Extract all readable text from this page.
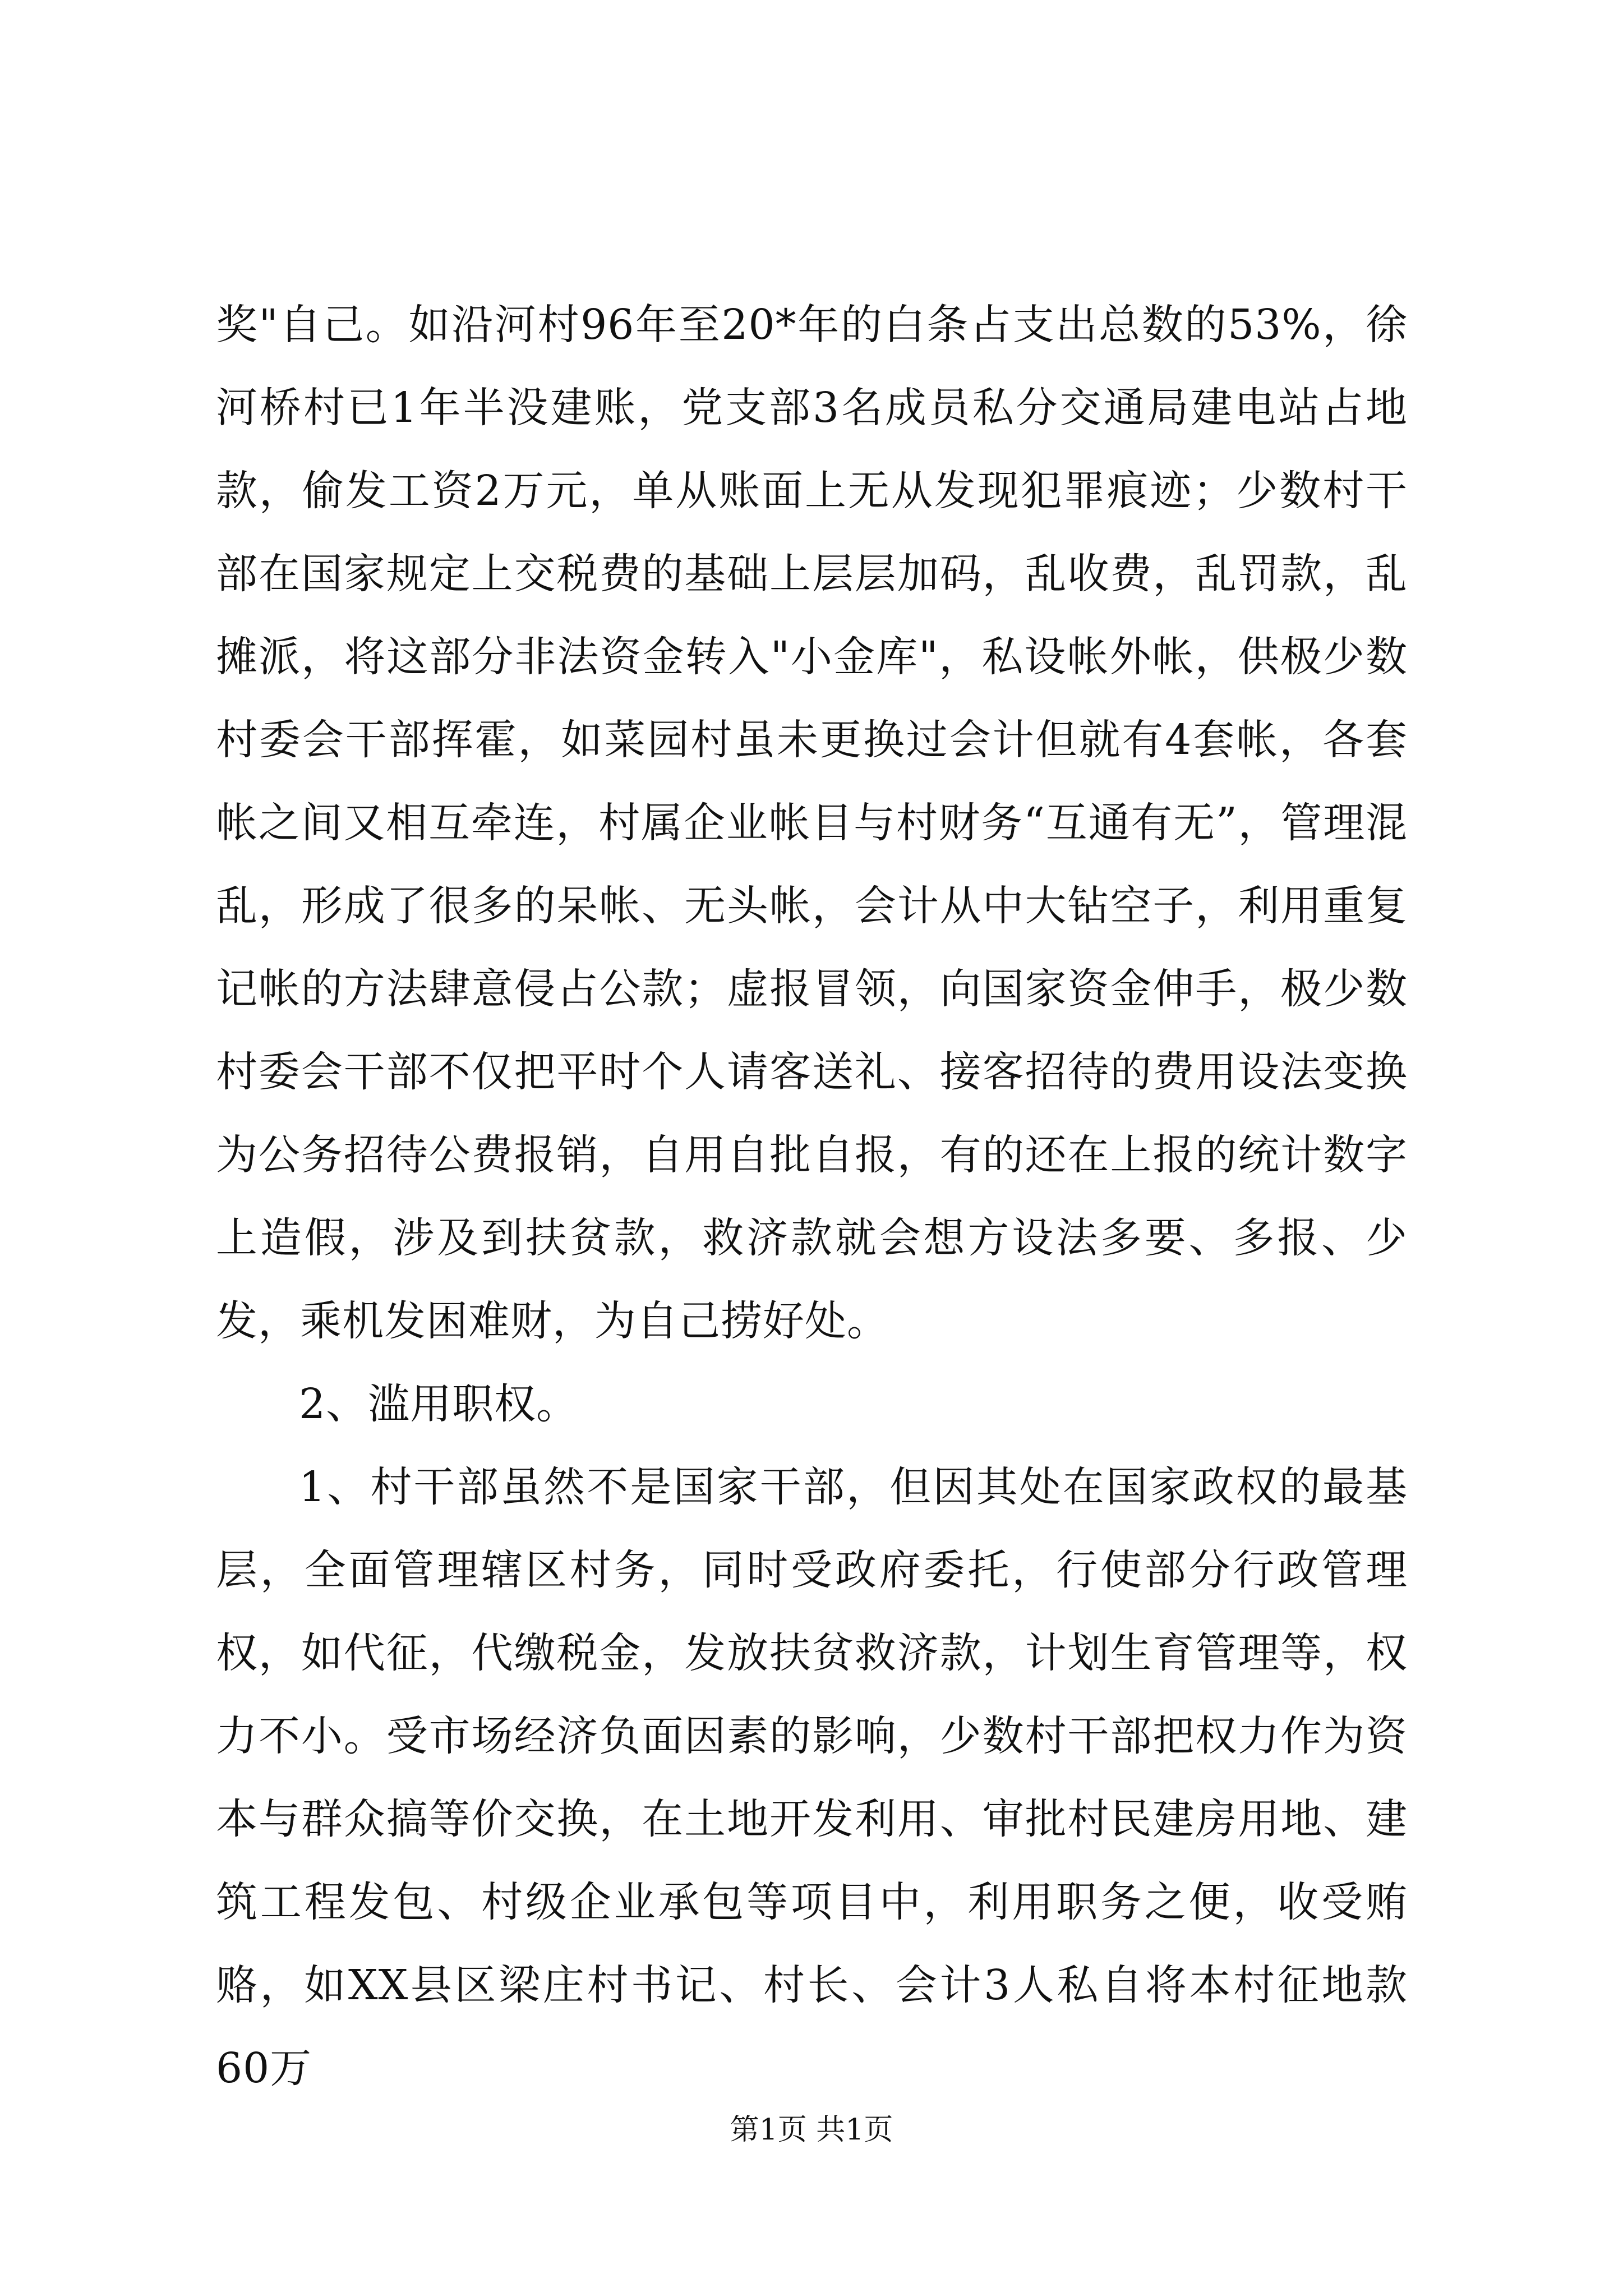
奖"自己。如沿河村96年至20*年的白条占支出总数的53%，徐河桥村已1年半没建账，党支部3名成员私分交通局建电站占地款，偷发工资2万元，单从账面上无从发现犯罪痕迹；少数村干部在国家规定上交税费的基础上层层加码，乱收费，乱罚款，乱摊派，将这部分非法资金转入"小金库"，私设帐外帐，供极少数村委会干部挥霍，如菜园村虽未更换过会计但就有4套帐，各套帐之间又相互牵连，村属企业帐目与村财务“互通有无”，管理混乱，形成了很多的呆帐、无头帐，会计从中大钻空子，利用重复记帐的方法肆意侵占公款；虚报冒领，向国家资金伸手，极少数村委会干部不仅把平时个人请客送礼、接客招待的费用设法变换为公务招待公费报销，自用自批自报，有的还在上报的统计数字上造假，涉及到扶贫款，救济款就会想方设法多要、多报、少发，乘机发困难财，为自己捞好处。

2、滥用职权。

1、村干部虽然不是国家干部，但因其处在国家政权的最基层，全面管理辖区村务，同时受政府委托，行使部分行政管理权，如代征，代缴税金，发放扶贫救济款，计划生育管理等，权力不小。受市场经济负面因素的影响，少数村干部把权力作为资本与群众搞等价交换，在土地开发利用、审批村民建房用地、建筑工程发包、村级企业承包等项目中，利用职务之便，收受贿赂，如XX县区梁庄村书记、村长、会计3人私自将本村征地款60万

第1页 共1页
